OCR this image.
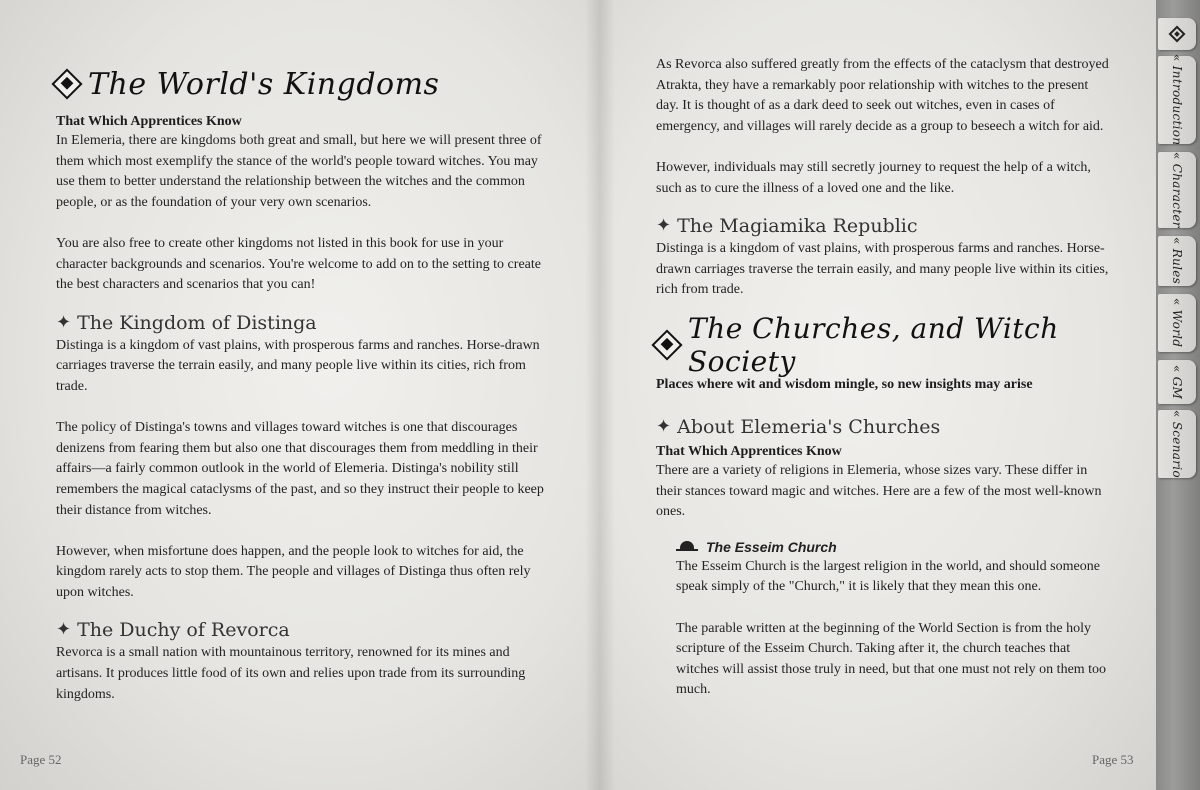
The World's Kingdoms
That Which Apprentices Know

In Elemeria, there are kingdoms both great and small, but here we will present three of them which most exemplify the stance of the world's people toward witches. You may use them to better understand the relationship between the witches and the common people, or as the foundation of your very own scenarios.

You are also free to create other kingdoms not listed in this book for use in your character backgrounds and scenarios. You're welcome to add on to the setting to create the best characters and scenarios that you can!

✦ The Kingdom of Distinga

Distinga is a kingdom of vast plains, with prosperous farms and ranches. Horse-drawn carriages traverse the terrain easily, and many people live within its cities, rich from trade.

The policy of Distinga's towns and villages toward witches is one that discourages denizens from fearing them but also one that discourages them from meddling in their affairs—a fairly common outlook in the world of Elemeria. Distinga's nobility still remembers the magical cataclysms of the past, and so they instruct their people to keep their distance from witches.

However, when misfortune does happen, and the people look to witches for aid, the kingdom rarely acts to stop them. The people and villages of Distinga thus often rely upon witches.

✦ The Duchy of Revorca

Revorca is a small nation with mountainous territory, renowned for its mines and artisans. It produces little food of its own and relies upon trade from its surrounding kingdoms.

As Revorca also suffered greatly from the effects of the cataclysm that destroyed Atrakta, they have a remarkably poor relationship with witches to the present day. It is thought of as a dark deed to seek out witches, even in cases of emergency, and villages will rarely decide as a group to beseech a witch for aid.

However, individuals may still secretly journey to request the help of a witch, such as to cure the illness of a loved one and the like.

✦ The Magiamika Republic

Distinga is a kingdom of vast plains, with prosperous farms and ranches. Horse-drawn carriages traverse the terrain easily, and many people live within its cities, rich from trade.

The Churches, and Witch Society
Places where wit and wisdom mingle, so new insights may arise
✦ About Elemeria's Churches
That Which Apprentices Know

There are a variety of religions in Elemeria, whose sizes vary. These differ in their stances toward magic and witches. Here are a few of the most well-known ones.

The Esseim Church

The Esseim Church is the largest religion in the world, and should someone speak simply of the "Church," it is likely that they mean this one.

The parable written at the beginning of the World Section is from the holy scripture of the Esseim Church. Taking after it, the church teaches that witches will assist those truly in need, but that one must not rely on them too much.

Page 52	Page 53
« Introduction
« Character
« Rules
« World
« GM
« Scenario
